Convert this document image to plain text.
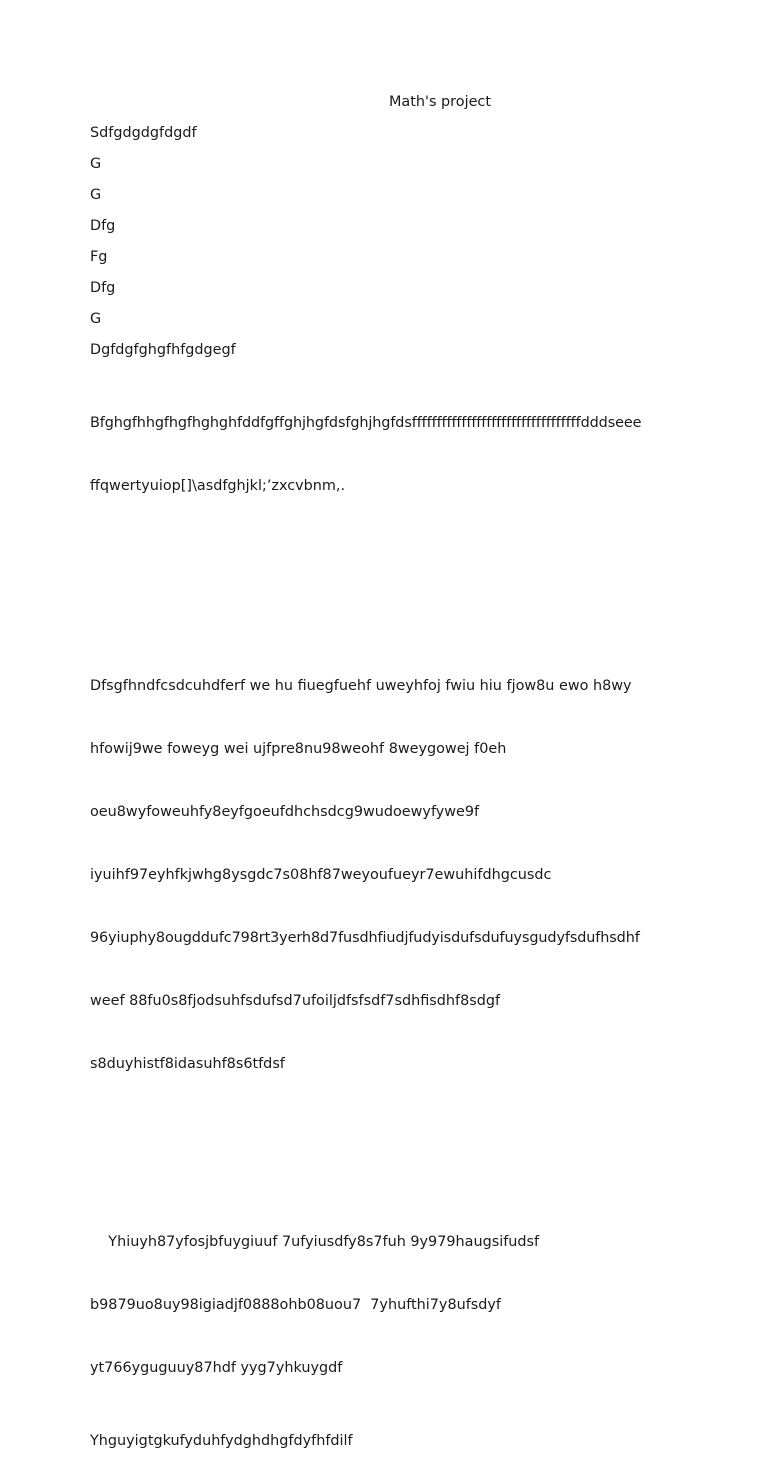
Math's project
Sdfgdgdgfdgdf
G
G
Dfg
Fg
Dfg
G
Dgfdgfghgfhfgdgegf

Bfghgfhhgfhgfhghghfddfgffghjhgfdsfghjhgfdsffffffffffffffffffffffffffffffffffdddseee

ffqwertyuiop[]\asdfghjkl;’zxcvbnm,.

Dfsgfhndfcsdcuhdferf we hu fiuegfuehf uweyhfoj fwiu hiu fjow8u ewo h8wy

hfowij9we foweyg wei ujfpre8nu98weohf 8weygowej f0eh

oeu8wyfoweuhfy8eyfgoeufdhchsdcg9wudoewyfywe9f

iyuihf97eyhfkjwhg8ysgdc7s08hf87weyoufueyr7ewuhifdhgcusdc

96yiuphy8ougddufc798rt3yerh8d7fusdhfiudjfudyisdufsdufuysgudyfsdufhsdhf

weef 88fu0s8fjodsuhfsdufsd7ufoiljdfsfsdf7sdhfisdhf8sdgf

s8duyhistf8idasuhf8s6tfdsf

Yhiuyh87yfosjbfuygiuuf 7ufyiusdfy8s7fuh 9y979haugsifudsf

b9879uo8uy98igiadjf0888ohb08uou7  7yhufthi7y8ufsdyf

yt766yguguuy87hdf yyg7yhkuygdf

Yhguyigtgkufyduhfydghdhgfdyfhfdilf
